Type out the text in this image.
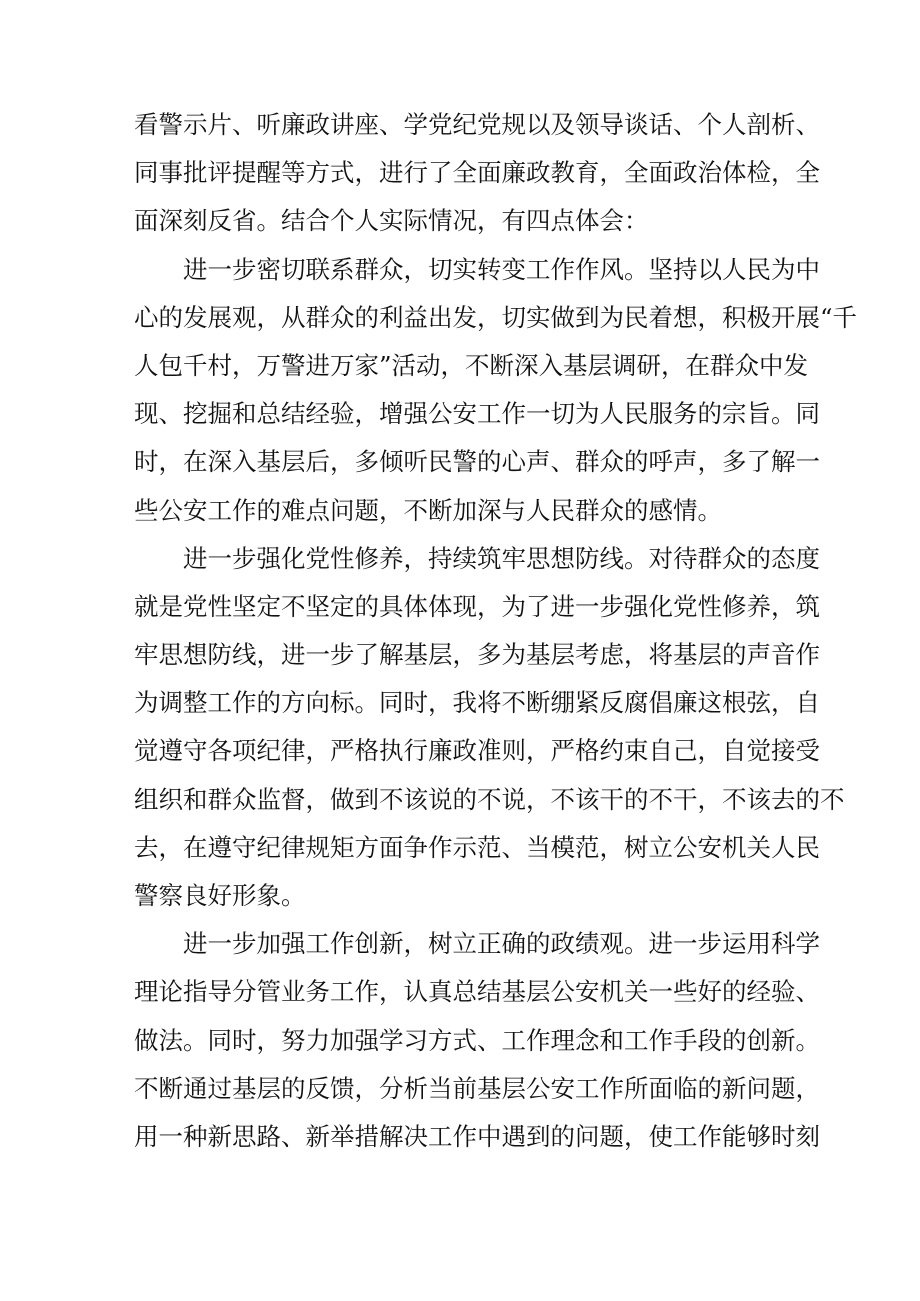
看警示片、听廉政讲座、学党纪党规以及领导谈话、个人剖析、
同事批评提醒等方式，进行了全面廉政教育，全面政治体检，全
面深刻反省。结合个人实际情况，有四点体会：
进一步密切联系群众，切实转变工作作风。坚持以人民为中
心的发展观，从群众的利益出发，切实做到为民着想，积极开展“千
人包千村，万警进万家”活动，不断深入基层调研，在群众中发
现、挖掘和总结经验，增强公安工作一切为人民服务的宗旨。同
时，在深入基层后，多倾听民警的心声、群众的呼声，多了解一
些公安工作的难点问题，不断加深与人民群众的感情。
进一步强化党性修养，持续筑牢思想防线。对待群众的态度
就是党性坚定不坚定的具体体现，为了进一步强化党性修养，筑
牢思想防线，进一步了解基层，多为基层考虑，将基层的声音作
为调整工作的方向标。同时，我将不断绷紧反腐倡廉这根弦，自
觉遵守各项纪律，严格执行廉政准则，严格约束自己，自觉接受
组织和群众监督，做到不该说的不说，不该干的不干，不该去的不
去，在遵守纪律规矩方面争作示范、当模范，树立公安机关人民
警察良好形象。
进一步加强工作创新，树立正确的政绩观。进一步运用科学
理论指导分管业务工作，认真总结基层公安机关一些好的经验、
做法。同时，努力加强学习方式、工作理念和工作手段的创新。
不断通过基层的反馈，分析当前基层公安工作所面临的新问题，
用一种新思路、新举措解决工作中遇到的问题，使工作能够时刻
